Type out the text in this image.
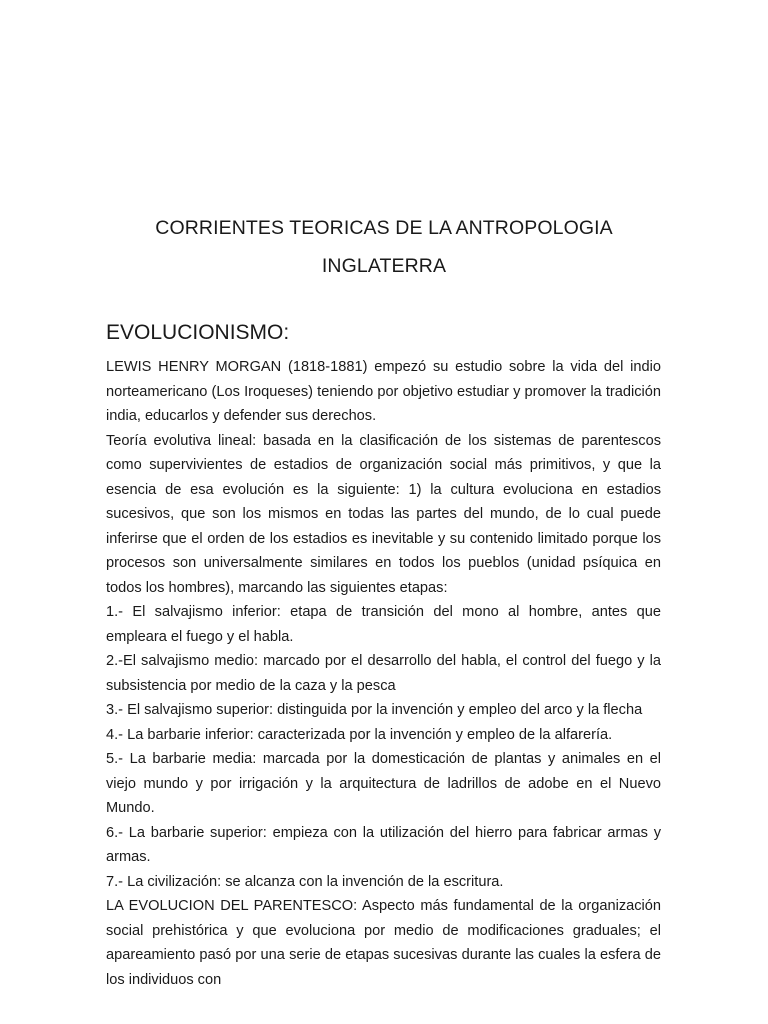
CORRIENTES TEORICAS DE LA ANTROPOLOGIA
INGLATERRA
EVOLUCIONISMO:

LEWIS HENRY MORGAN (1818-1881) empezó su estudio sobre la vida del indio norteamericano (Los Iroqueses) teniendo por objetivo estudiar y promover la tradición india, educarlos y defender sus derechos.

Teoría evolutiva lineal: basada en la clasificación de los sistemas de parentescos como supervivientes de estadios de organización social más primitivos, y que la esencia de esa evolución es la siguiente: 1) la cultura evoluciona en estadios sucesivos, que son los mismos en todas las partes del mundo, de lo cual puede inferirse que el orden de los estadios es inevitable y su contenido limitado porque los procesos son universalmente similares en todos los pueblos (unidad psíquica en todos los hombres), marcando las siguientes etapas:

1.- El salvajismo inferior: etapa de transición del mono al hombre, antes que empleara el fuego y el habla.

2.-El salvajismo medio: marcado por el desarrollo del habla, el control del fuego y la subsistencia por medio de la caza y la pesca

3.- El salvajismo superior: distinguida por la invención y empleo del arco y la flecha

4.- La barbarie inferior: caracterizada por la invención y empleo de la alfarería.

5.- La barbarie media: marcada por la domesticación de plantas y animales en el viejo mundo y por irrigación y la arquitectura de ladrillos de adobe en el Nuevo Mundo.

6.- La barbarie superior: empieza con la utilización del hierro para fabricar armas y armas.

7.- La civilización: se alcanza con la invención de la escritura.

LA EVOLUCION DEL PARENTESCO: Aspecto más fundamental de la organización social prehistórica y que evoluciona por medio de modificaciones graduales; el apareamiento pasó por una serie de etapas sucesivas durante las cuales la esfera de los individuos con
